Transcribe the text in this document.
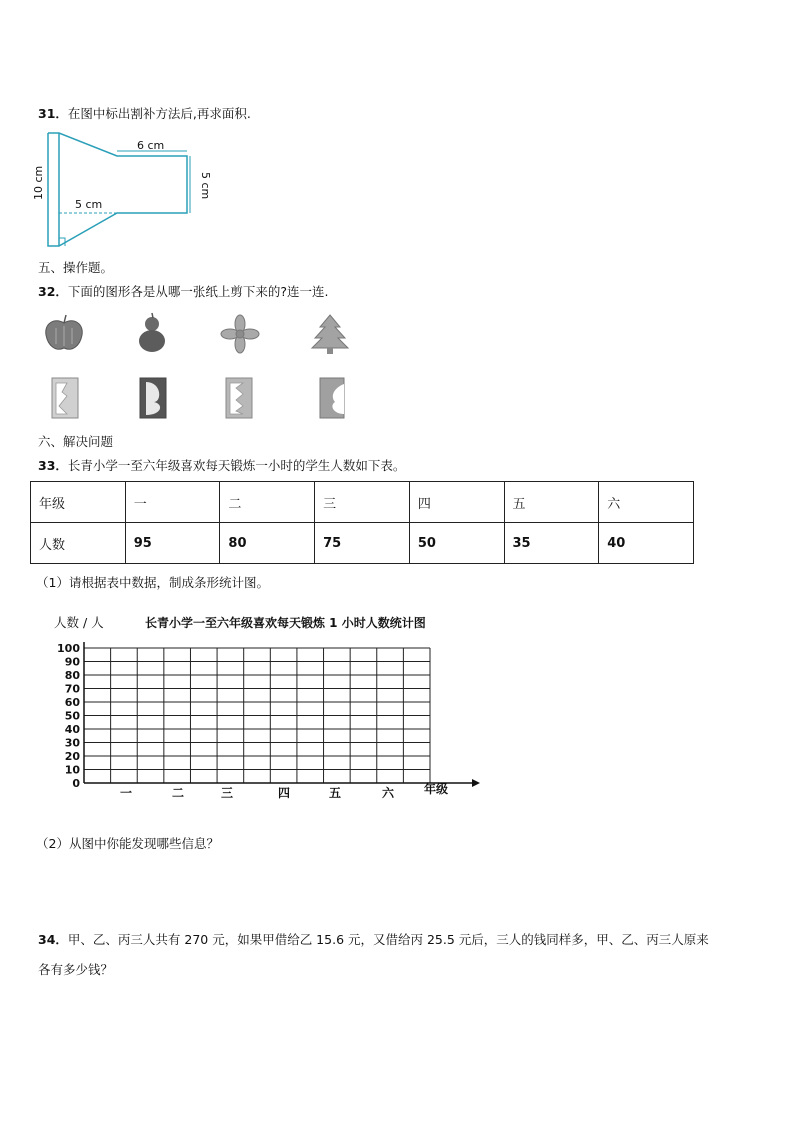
31．在图中标出割补方法后,再求面积.
6 cm
5 cm
10 cm	5 cm
五、操作题。
32．下面的图形各是从哪一张纸上剪下来的?连一连.
六、解决问题
33．长青小学一至六年级喜欢每天锻炼一小时的学生人数如下表。
年级	一	二	三	四	五	六
人数	95	80	75	50	35	40
（1）请根据表中数据，制成条形统计图。
人数 / 人	长青小学一至六年级喜欢每天锻炼 1 小时人数统计图
100
90
80
70
60
50
40
30
20
10
0
一	二	三	四	五	六 年级
（2）从图中你能发现哪些信息？
34．甲、乙、丙三人共有 270 元，如果甲借给乙 15.6 元，又借给丙 25.5 元后，三人的钱同样多，甲、乙、丙三人原来
各有多少钱？
